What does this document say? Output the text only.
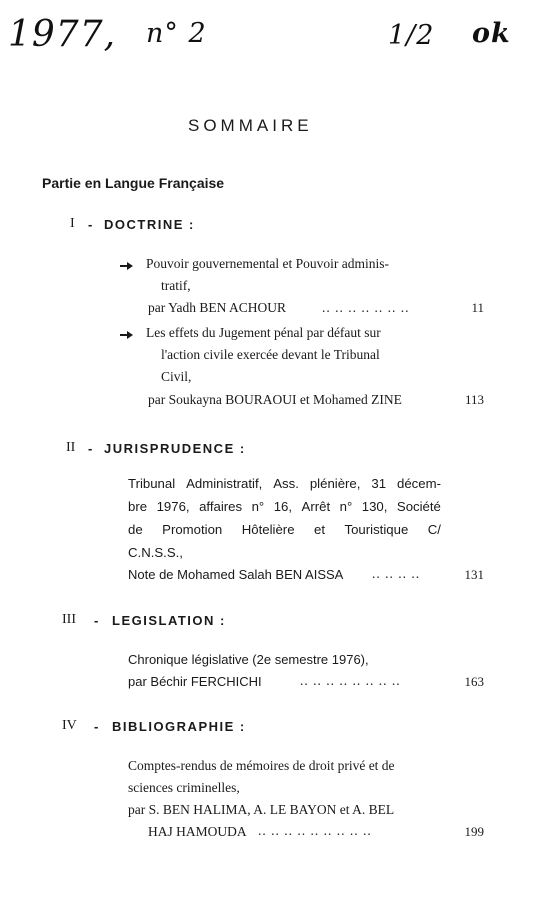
1977, n° 2	1/2 ok
SOMMAIRE
Partie en Langue Française
I - DOCTRINE :
Pouvoir gouvernemental et Pouvoir adminis-
tratif,
par Yadh BEN ACHOUR	.. .. .. .. .. .. ..	11
Les effets du Jugement pénal par défaut sur
l'action civile exercée devant le Tribunal
Civil,
par Soukayna BOURAOUI et Mohamed ZINE	113
II - JURISPRUDENCE :
Tribunal Administratif, Ass. plénière, 31 décem-
bre 1976, affaires n° 16, Arrêt n° 130, Société
de Promotion Hôtelière et Touristique C/
C.N.S.S.,
Note de Mohamed Salah BEN AISSA .. .. .. ..	131
III - LEGISLATION :
Chronique législative (2e semestre 1976),
par Béchir FERCHICHI	.. .. .. .. .. .. .. ..	163
IV - BIBLIOGRAPHIE :
Comptes-rendus de mémoires de droit privé et de
sciences criminelles,
par S. BEN HALIMA, A. LE BAYON et A. BEL
HAJ HAMOUDA .. .. .. .. .. .. .. .. ..	199
